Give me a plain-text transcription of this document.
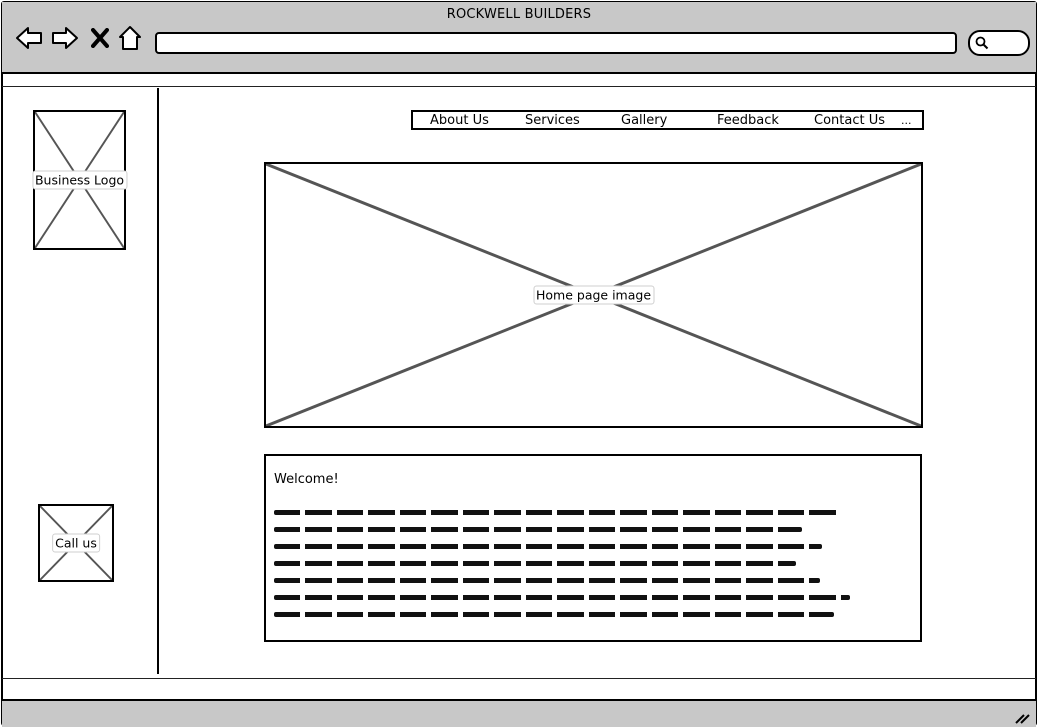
ROCKWELL BUILDERS
Business Logo
Call us
About Us	Services	Gallery	Feedback	Contact Us ...
Home page image
Welcome!
